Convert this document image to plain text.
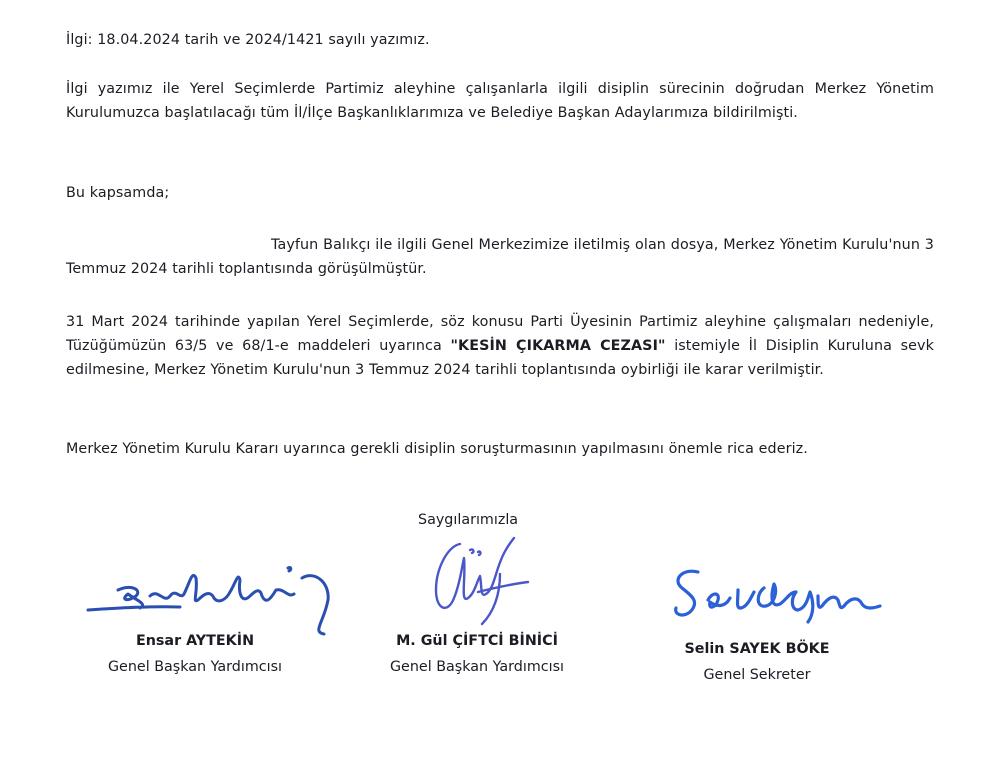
İlgi: 18.04.2024 tarih ve 2024/1421 sayılı yazımız.

İlgi yazımız ile Yerel Seçimlerde Partimiz aleyhine çalışanlarla ilgili disiplin sürecinin doğrudan Merkez Yönetim Kurulumuzca başlatılacağı tüm İl/İlçe Başkanlıklarımıza ve Belediye Başkan Adaylarımıza bildirilmişti.

Bu kapsamda;

Tayfun Balıkçı ile ilgili Genel Merkezimize iletilmiş olan dosya, Merkez Yönetim Kurulu'nun 3 Temmuz 2024 tarihli toplantısında görüşülmüştür.

31 Mart 2024 tarihinde yapılan Yerel Seçimlerde, söz konusu Parti Üyesinin Partimiz aleyhine çalışmaları nedeniyle, Tüzüğümüzün 63/5 ve 68/1-e maddeleri uyarınca "KESİN ÇIKARMA CEZASI" istemiyle İl Disiplin Kuruluna sevk edilmesine, Merkez Yönetim Kurulu'nun 3 Temmuz 2024 tarihli toplantısında oybirliği ile karar verilmiştir.

Merkez Yönetim Kurulu Kararı uyarınca gerekli disiplin soruşturmasının yapılmasını önemle rica ederiz.

Saygılarımızla

Ensar AYTEKİN
Genel Başkan Yardımcısı
M. Gül ÇİFTCİ BİNİCİ
Genel Başkan Yardımcısı
Selin SAYEK BÖKE
Genel Sekreter
